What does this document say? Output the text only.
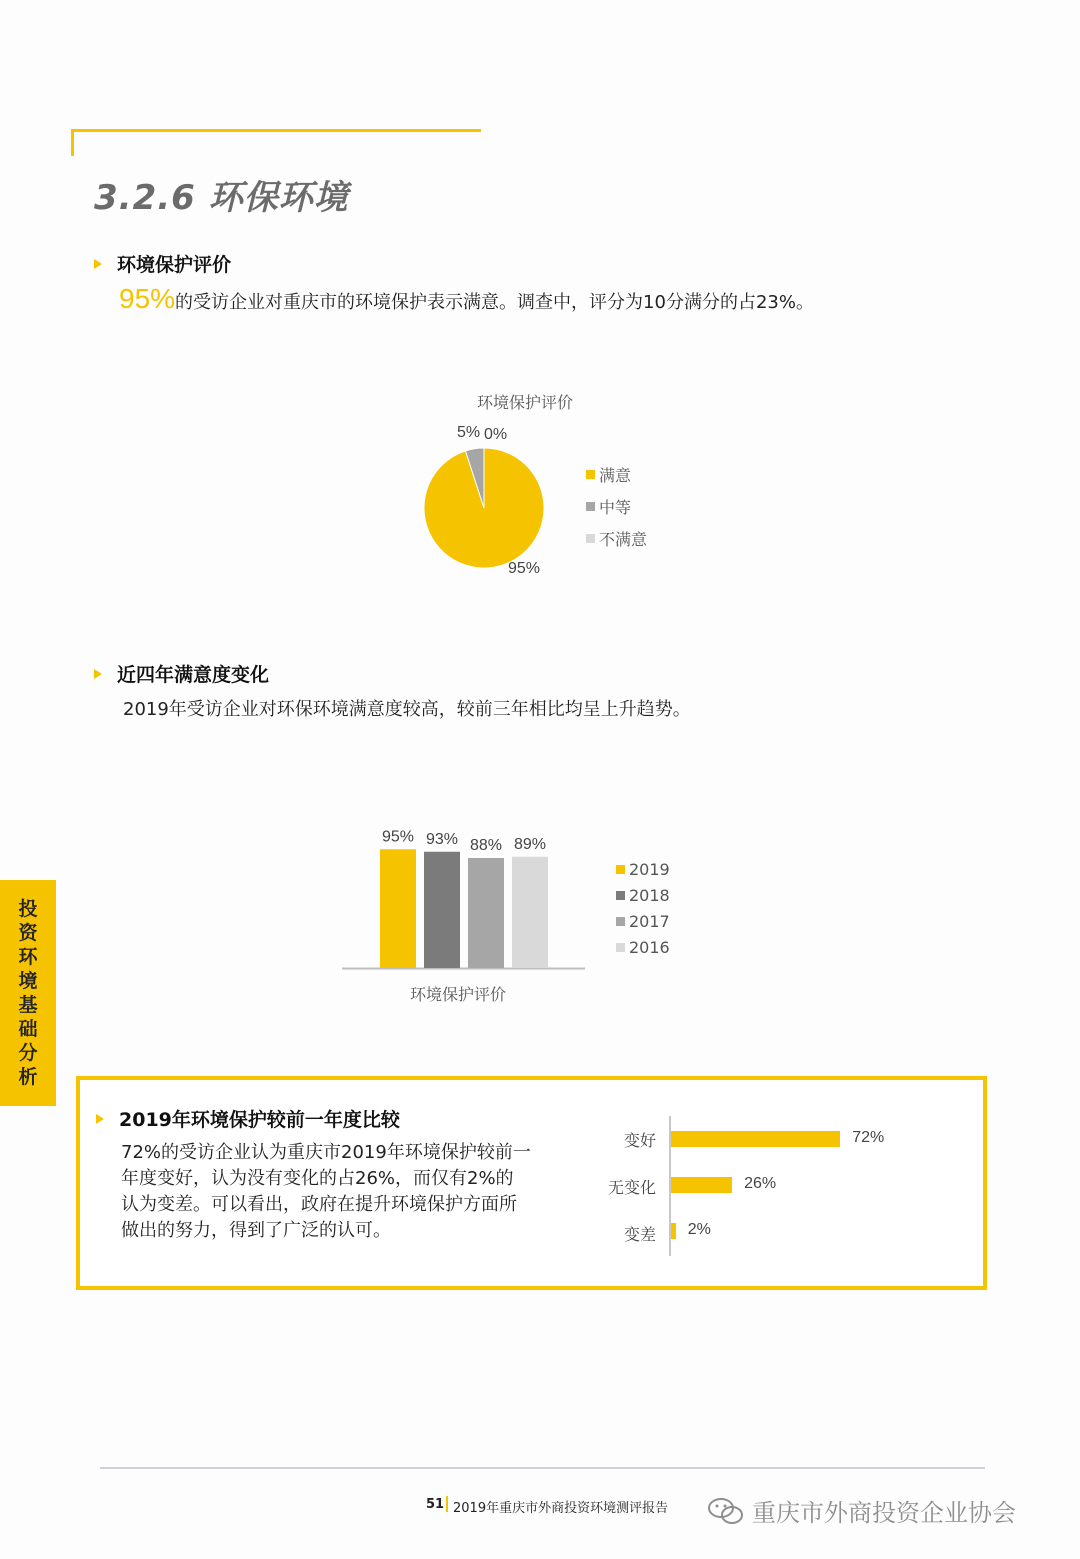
3.2.6 环保环境
环境保护评价
95%的受访企业对重庆市的环境保护表示满意。调查中，评分为10分满分的占23%。
环境保护评价
5% 0%
95%
满意
中等
不满意
近四年满意度变化
2019年受访企业对环保环境满意度较高，较前三年相比均呈上升趋势。
95% 93% 88% 89%
环境保护评价
2019
2018
2017
2016
投
资
环
境
基
础
分
析
2019年环境保护较前一年度比较
72%的受访企业认为重庆市2019年环境保护较前一年度变好，认为没有变化的占26%，而仅有2%的认为变差。可以看出，政府在提升环境保护方面所做出的努力，得到了广泛的认可。
变好
无变化
变差
72%
26%
2%
51 2019年重庆市外商投资环境测评报告	重庆市外商投资企业协会
